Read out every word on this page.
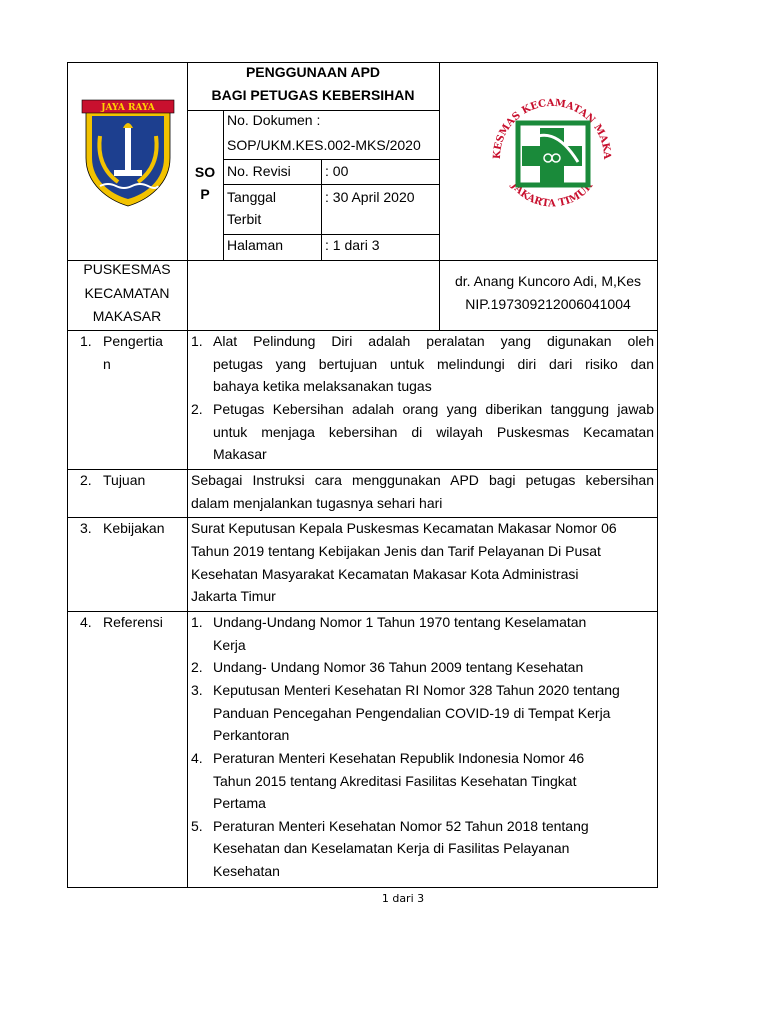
JAYA RAYA
PENGGUNAAN APD
BAGI PETUGAS KEBERSIHAN
SO
P
No. Dokumen :
SOP/UKM.KES.002-MKS/2020
No. Revisi : 00
Tanggal
Terbit
: 30 April 2020
Halaman	: 1 dari 3
KESMAS KECAMATAN MAKA
JAKARTA TIMUR
PUSKESMAS
KECAMATAN
MAKASAR
dr. Anang Kuncoro Adi, M,Kes
NIP.197309212006041004
1. Pengertia
n
1. Alat Pelindung Diri adalah peralatan yang digunakan oleh
petugas yang bertujuan untuk melindungi diri dari risiko dan
bahaya ketika melaksanakan tugas
2. Petugas Kebersihan adalah orang yang diberikan tanggung jawab
untuk menjaga kebersihan di wilayah Puskesmas Kecamatan
Makasar
2. Tujuan	Sebagai Instruksi cara menggunakan APD bagi petugas kebersihan
dalam menjalankan tugasnya sehari hari
3. Kebijakan Surat Keputusan Kepala Puskesmas Kecamatan Makasar Nomor 06
Tahun 2019 tentang Kebijakan Jenis dan Tarif Pelayanan Di Pusat
Kesehatan Masyarakat Kecamatan Makasar Kota Administrasi
Jakarta Timur
4. Referensi 1. Undang-Undang Nomor 1 Tahun 1970 tentang Keselamatan
Kerja
2. Undang- Undang Nomor 36 Tahun 2009 tentang Kesehatan
3. Keputusan Menteri Kesehatan RI Nomor 328 Tahun 2020 tentang
Panduan Pencegahan Pengendalian COVID-19 di Tempat Kerja
Perkantoran
4. Peraturan Menteri Kesehatan Republik Indonesia Nomor 46
Tahun 2015 tentang Akreditasi Fasilitas Kesehatan Tingkat
Pertama
5. Peraturan Menteri Kesehatan Nomor 52 Tahun 2018 tentang
Kesehatan dan Keselamatan Kerja di Fasilitas Pelayanan
Kesehatan
1 dari 3
